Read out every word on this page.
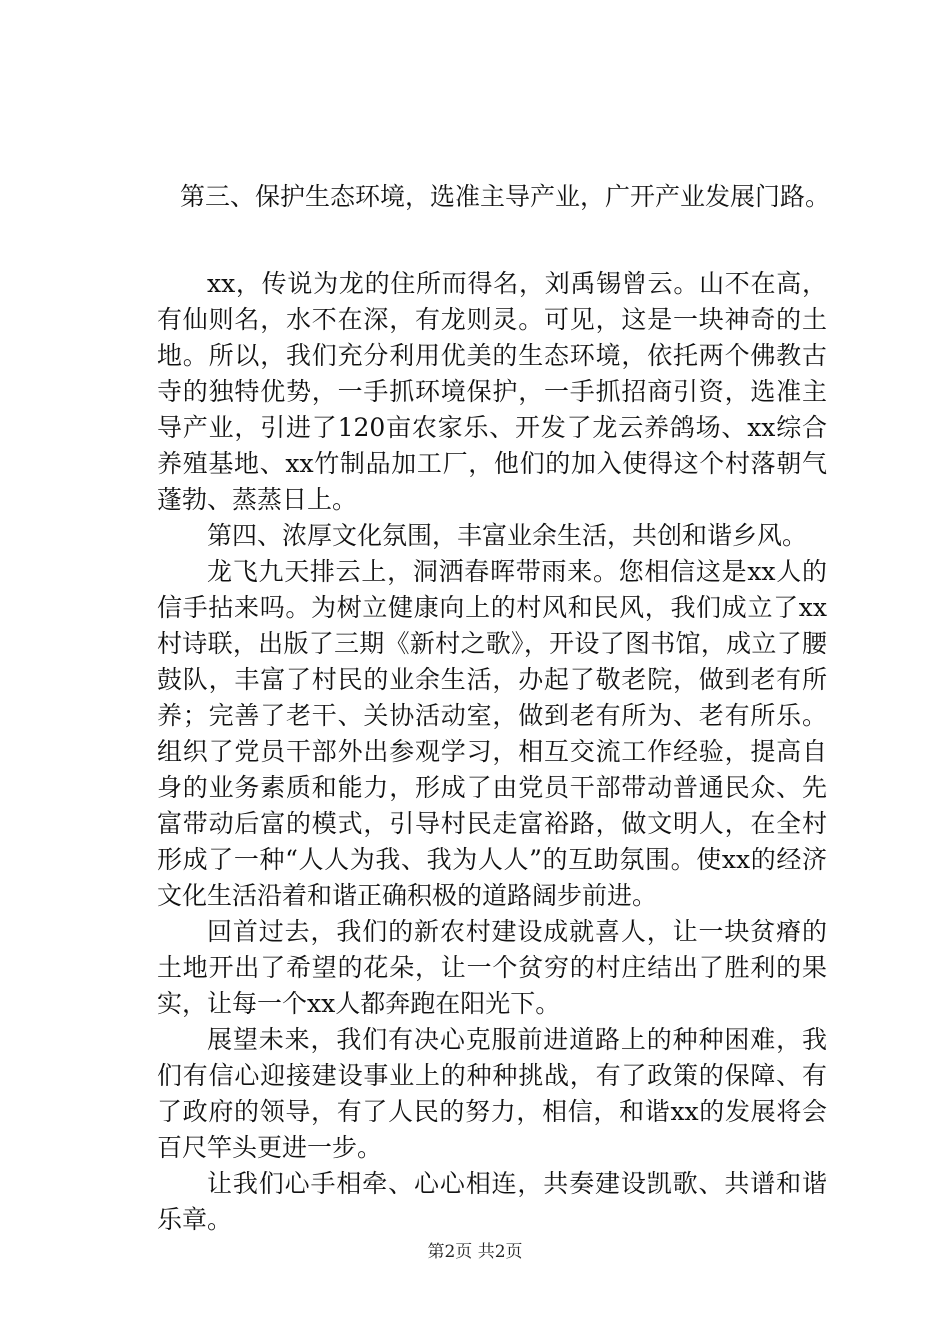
第三、保护生态环境，选准主导产业，广开产业发展门路。

xx，传说为龙的住所而得名，刘禹锡曾云。山不在高，有仙则名，水不在深，有龙则灵。可见，这是一块神奇的土地。所以，我们充分利用优美的生态环境，依托两个佛教古寺的独特优势，一手抓环境保护，一手抓招商引资，选准主导产业，引进了120亩农家乐、开发了龙云养鸽场、xx综合养殖基地、xx竹制品加工厂，他们的加入使得这个村落朝气蓬勃、蒸蒸日上。

第四、浓厚文化氛围，丰富业余生活，共创和谐乡风。

龙飞九天排云上，洞洒春晖带雨来。您相信这是xx人的信手拈来吗。为树立健康向上的村风和民风，我们成立了xx村诗联，出版了三期《新村之歌》，开设了图书馆，成立了腰鼓队，丰富了村民的业余生活，办起了敬老院，做到老有所养；完善了老干、关协活动室，做到老有所为、老有所乐。组织了党员干部外出参观学习，相互交流工作经验，提高自身的业务素质和能力，形成了由党员干部带动普通民众、先富带动后富的模式，引导村民走富裕路，做文明人，在全村形成了一种“人人为我、我为人人”的互助氛围。使xx的经济文化生活沿着和谐正确积极的道路阔步前进。

回首过去，我们的新农村建设成就喜人，让一块贫瘠的土地开出了希望的花朵，让一个贫穷的村庄结出了胜利的果实，让每一个xx人都奔跑在阳光下。

展望未来，我们有决心克服前进道路上的种种困难，我们有信心迎接建设事业上的种种挑战，有了政策的保障、有了政府的领导，有了人民的努力，相信，和谐xx的发展将会百尺竿头更进一步。

让我们心手相牵、心心相连，共奏建设凯歌、共谱和谐乐章。

第2页 共2页
